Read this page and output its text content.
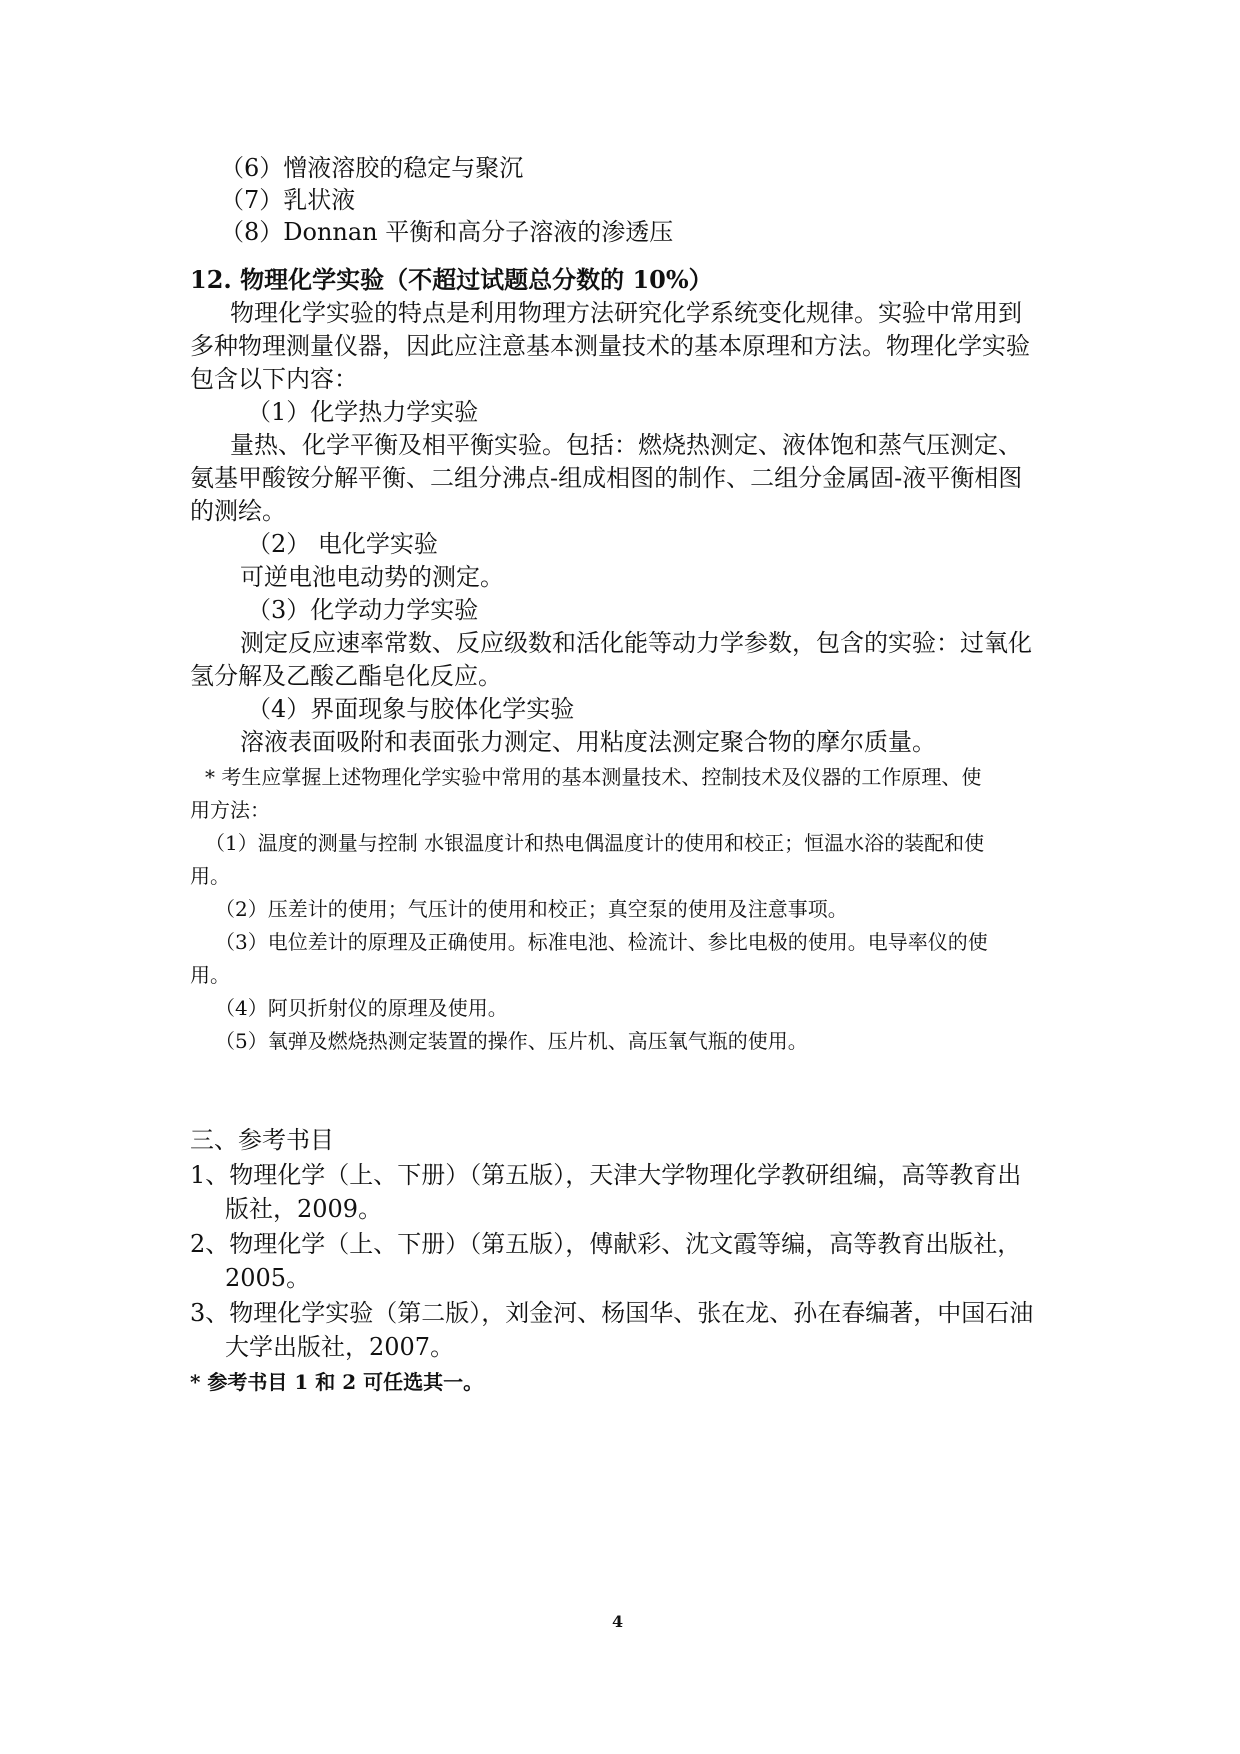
（6）憎液溶胶的稳定与聚沉
（7）乳状液
（8）Donnan 平衡和高分子溶液的渗透压
12. 物理化学实验（不超过试题总分数的 10%）
物理化学实验的特点是利用物理方法研究化学系统变化规律。实验中常用到
多种物理测量仪器，因此应注意基本测量技术的基本原理和方法。物理化学实验
包含以下内容：
（1）化学热力学实验
量热、化学平衡及相平衡实验。包括：燃烧热测定、液体饱和蒸气压测定、
氨基甲酸铵分解平衡、二组分沸点-组成相图的制作、二组分金属固-液平衡相图
的测绘。
（2） 电化学实验
可逆电池电动势的测定。
（3）化学动力学实验
测定反应速率常数、反应级数和活化能等动力学参数，包含的实验：过氧化
氢分解及乙酸乙酯皂化反应。
（4）界面现象与胶体化学实验
溶液表面吸附和表面张力测定、用粘度法测定聚合物的摩尔质量。
* 考生应掌握上述物理化学实验中常用的基本测量技术、控制技术及仪器的工作原理、使
用方法：
（1）温度的测量与控制 水银温度计和热电偶温度计的使用和校正；恒温水浴的装配和使
用。
（2）压差计的使用；气压计的使用和校正；真空泵的使用及注意事项。
（3）电位差计的原理及正确使用。标准电池、检流计、参比电极的使用。电导率仪的使
用。
（4）阿贝折射仪的原理及使用。
（5）氧弹及燃烧热测定装置的操作、压片机、高压氧气瓶的使用。
三、参考书目
1、物理化学（上、下册）（第五版），天津大学物理化学教研组编，高等教育出
版社，2009。
2、物理化学（上、下册）（第五版），傅献彩、沈文霞等编，高等教育出版社，
2005。
3、物理化学实验（第二版），刘金河、杨国华、张在龙、孙在春编著，中国石油
大学出版社，2007。
* 参考书目 1 和 2 可任选其一。
4
